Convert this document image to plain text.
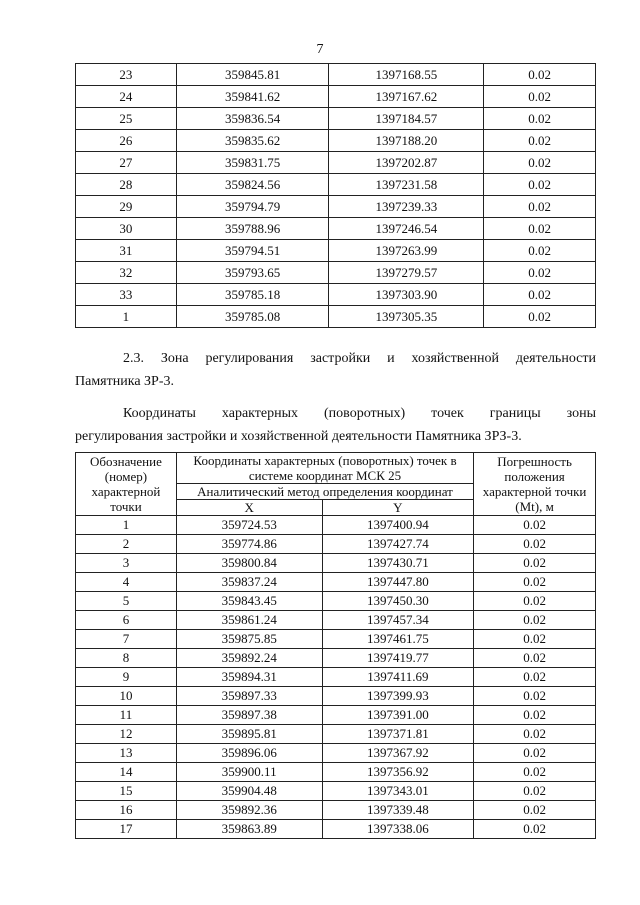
7
23	359845.81	1397168.55	0.02
24	359841.62	1397167.62	0.02
25	359836.54	1397184.57	0.02
26	359835.62	1397188.20	0.02
27	359831.75	1397202.87	0.02
28	359824.56	1397231.58	0.02
29	359794.79	1397239.33	0.02
30	359788.96	1397246.54	0.02
31	359794.51	1397263.99	0.02
32	359793.65	1397279.57	0.02
33	359785.18	1397303.90	0.02
1	359785.08	1397305.35	0.02
2.3. Зона регулирования застройки и хозяйственной деятельности
Памятника ЗР-3.
Координаты характерных (поворотных) точек границы зоны
регулирования застройки и хозяйственной деятельности Памятника ЗРЗ-3.
Обозначение (номер) характерной точки	Координаты характерных (поворотных) точек в системе координат МСК 25		Погрешность положения характерной точки (Mt), м
	Аналитический метод определения координат		
	X	Y	
1	359724.53	1397400.94	0.02
2	359774.86	1397427.74	0.02
3	359800.84	1397430.71	0.02
4	359837.24	1397447.80	0.02
5	359843.45	1397450.30	0.02
6	359861.24	1397457.34	0.02
7	359875.85	1397461.75	0.02
8	359892.24	1397419.77	0.02
9	359894.31	1397411.69	0.02
10	359897.33	1397399.93	0.02
11	359897.38	1397391.00	0.02
12	359895.81	1397371.81	0.02
13	359896.06	1397367.92	0.02
14	359900.11	1397356.92	0.02
15	359904.48	1397343.01	0.02
16	359892.36	1397339.48	0.02
17	359863.89	1397338.06	0.02
